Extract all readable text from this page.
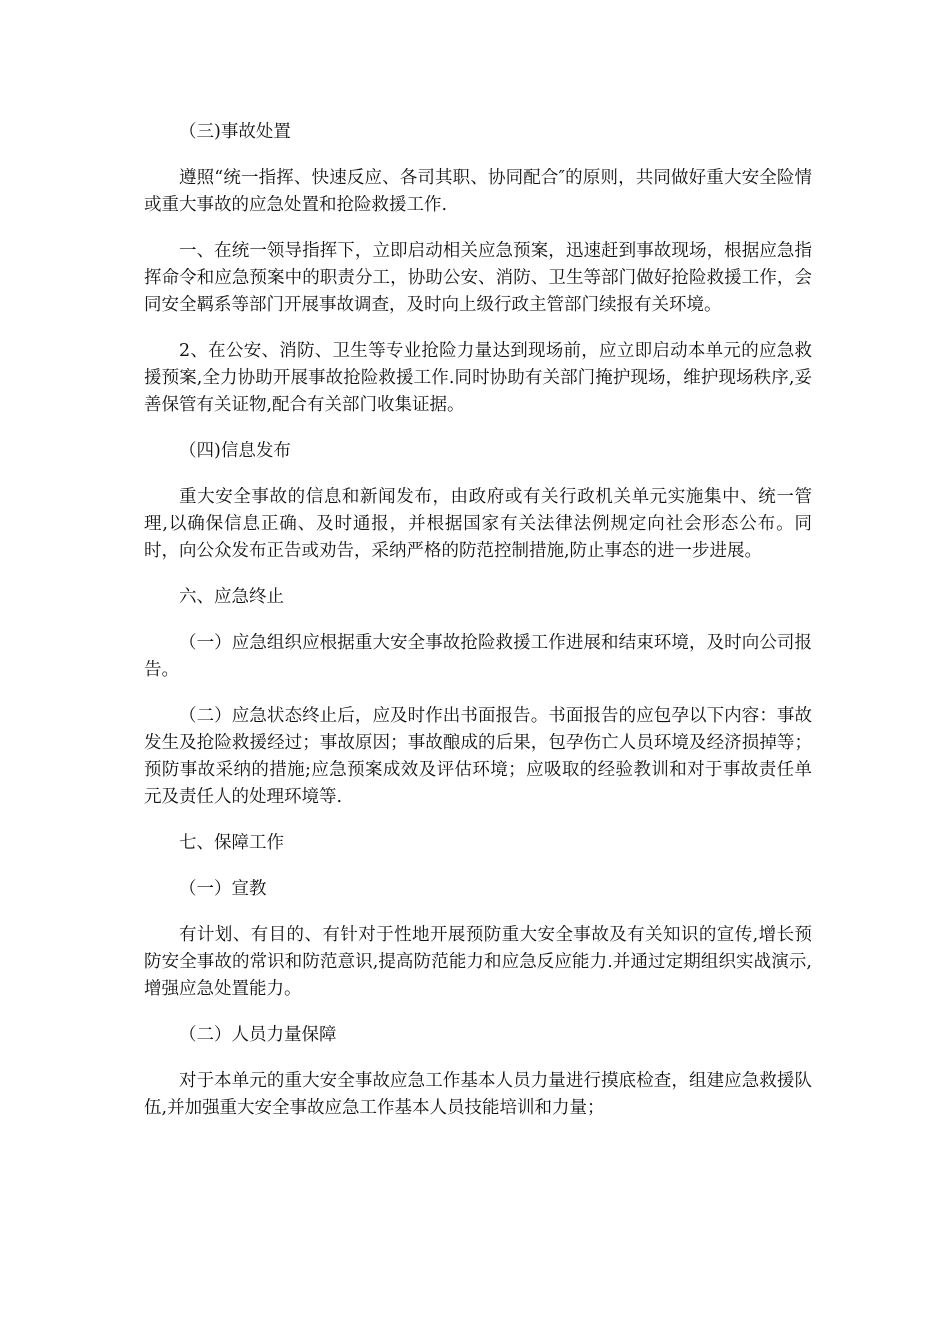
（三)事故处置

遵照“统一指挥、快速反应、各司其职、协同配合″的原则，共同做好重大安全险情或重大事故的应急处置和抢险救援工作.

一、在统一领导指挥下，立即启动相关应急预案，迅速赶到事故现场，根据应急指挥命令和应急预案中的职责分工，协助公安、消防、卫生等部门做好抢险救援工作，会同安全羁系等部门开展事故调查，及时向上级行政主管部门续报有关环境。

2、在公安、消防、卫生等专业抢险力量达到现场前，应立即启动本单元的应急救援预案,全力协助开展事故抢险救援工作.同时协助有关部门掩护现场，维护现场秩序,妥善保管有关证物,配合有关部门收集证据。

（四)信息发布

重大安全事故的信息和新闻发布，由政府或有关行政机关单元实施集中、统一管理,以确保信息正确、及时通报，并根据国家有关法律法例规定向社会形态公布。同时，向公众发布正告或劝告，采纳严格的防范控制措施,防止事态的进一步进展。

六、应急终止

（一）应急组织应根据重大安全事故抢险救援工作进展和结束环境，及时向公司报告。

（二）应急状态终止后，应及时作出书面报告。书面报告的应包孕以下内容：事故发生及抢险救援经过；事故原因；事故酿成的后果，包孕伤亡人员环境及经济损掉等；预防事故采纳的措施;应急预案成效及评估环境；应吸取的经验教训和对于事故责任单元及责任人的处理环境等.

七、保障工作

（一）宣教

有计划、有目的、有针对于性地开展预防重大安全事故及有关知识的宣传,增长预防安全事故的常识和防范意识,提高防范能力和应急反应能力.并通过定期组织实战演示,增强应急处置能力。

（二）人员力量保障

对于本单元的重大安全事故应急工作基本人员力量进行摸底检查，组建应急救援队伍,并加强重大安全事故应急工作基本人员技能培训和力量；
